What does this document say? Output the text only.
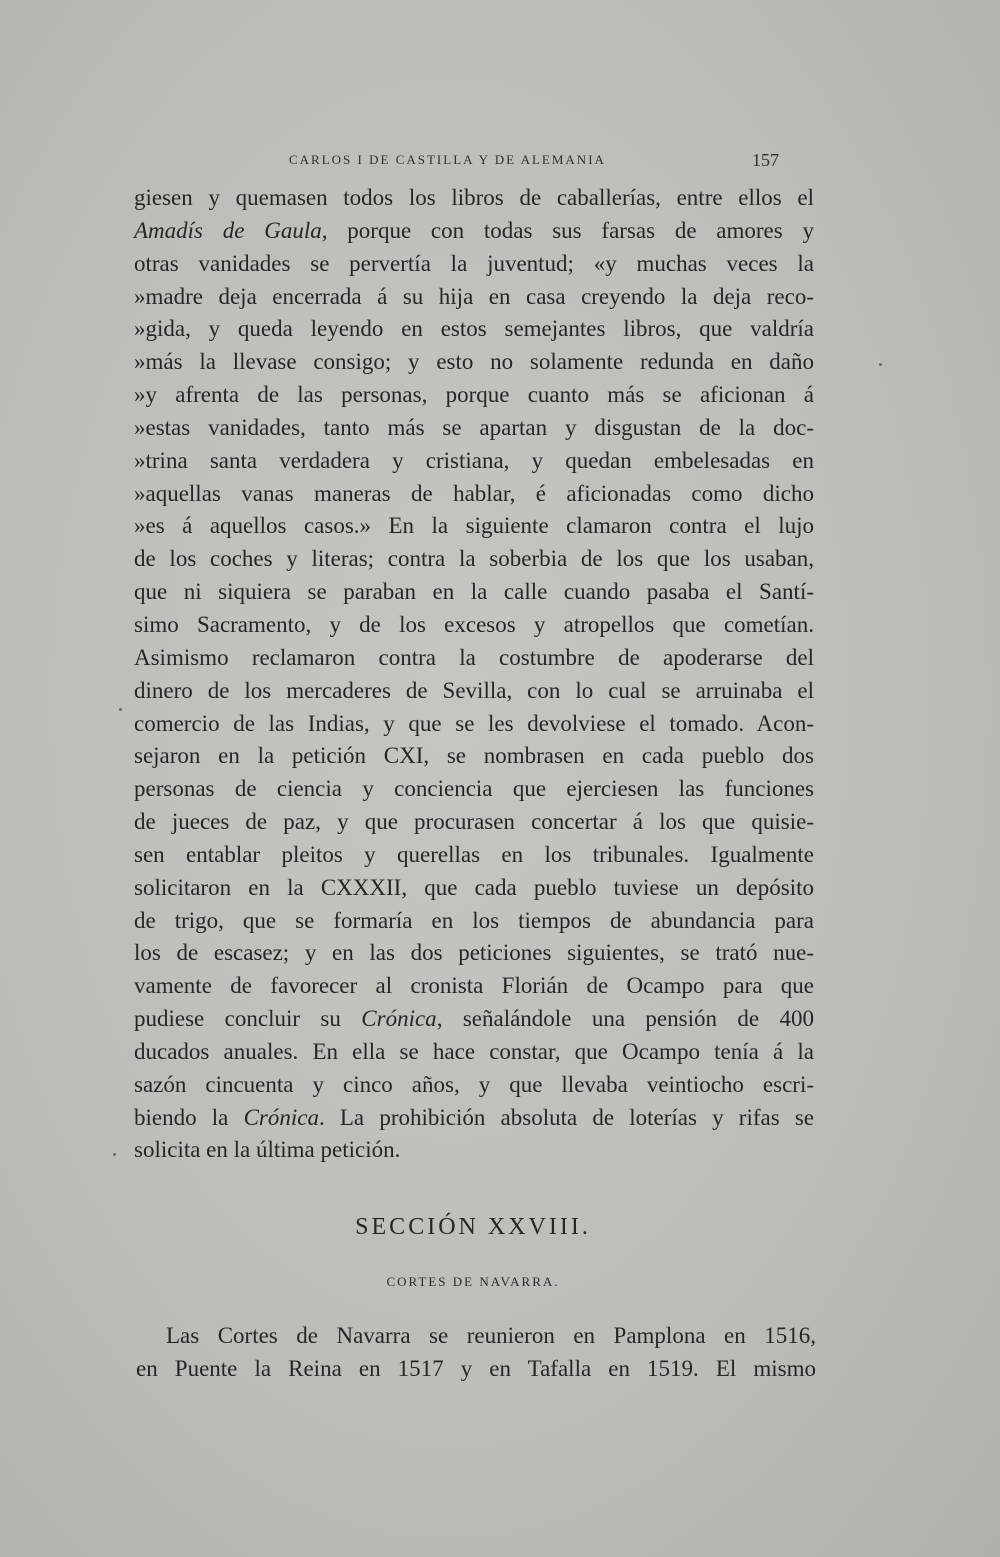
CARLOS I DE CASTILLA Y DE ALEMANIA	157
giesen y quemasen todos los libros de caballerías, entre ellos el
Amadís de Gaula, porque con todas sus farsas de amores y
otras vanidades se pervertía la juventud; «y muchas veces la
»madre deja encerrada á su hija en casa creyendo la deja reco-
»gida, y queda leyendo en estos semejantes libros, que valdría
»más la llevase consigo; y esto no solamente redunda en daño
»y afrenta de las personas, porque cuanto más se aficionan á
»estas vanidades, tanto más se apartan y disgustan de la doc-
»trina santa verdadera y cristiana, y quedan embelesadas en
»aquellas vanas maneras de hablar, é aficionadas como dicho
»es á aquellos casos.» En la siguiente clamaron contra el lujo
de los coches y literas; contra la soberbia de los que los usaban,
que ni siquiera se paraban en la calle cuando pasaba el Santí-
simo Sacramento, y de los excesos y atropellos que cometían.
Asimismo reclamaron contra la costumbre de apoderarse del
dinero de los mercaderes de Sevilla, con lo cual se arruinaba el
comercio de las Indias, y que se les devolviese el tomado. Acon-
sejaron en la petición CXI, se nombrasen en cada pueblo dos
personas de ciencia y conciencia que ejerciesen las funciones
de jueces de paz, y que procurasen concertar á los que quisie-
sen entablar pleitos y querellas en los tribunales. Igualmente
solicitaron en la CXXXII, que cada pueblo tuviese un depósito
de trigo, que se formaría en los tiempos de abundancia para
los de escasez; y en las dos peticiones siguientes, se trató nue-
vamente de favorecer al cronista Florián de Ocampo para que
pudiese concluir su Crónica, señalándole una pensión de 400
ducados anuales. En ella se hace constar, que Ocampo tenía á la
sazón cincuenta y cinco años, y que llevaba veintiocho escri-
biendo la Crónica. La prohibición absoluta de loterías y rifas se
solicita en la última petición.
SECCIÓN XXVIII.
CORTES DE NAVARRA.
Las Cortes de Navarra se reunieron en Pamplona en 1516,
en Puente la Reina en 1517 y en Tafalla en 1519. El mismo
